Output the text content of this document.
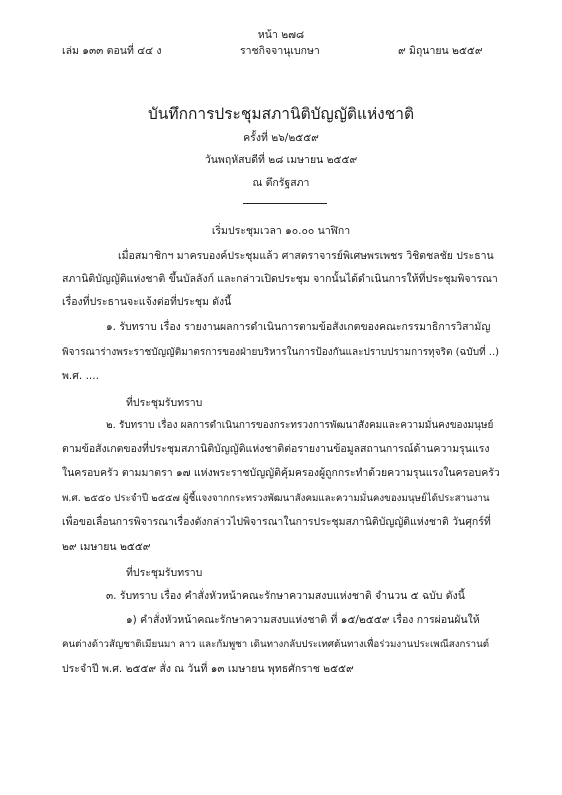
หน้า ๒๗๘
เล่ม ๑๓๓ ตอนที่ ๔๔ ง	ราชกิจจานุเบกษา	๙ มิถุนายน ๒๕๕๙
บันทึกการประชุมสภานิติบัญญัติแห่งชาติ
ครั้งที่ ๒๖/๒๕๕๙
วันพฤหัสบดีที่ ๒๘ เมษายน ๒๕๕๙
ณ ตึกรัฐสภา
เริ่มประชุมเวลา ๑๐.๐๐ นาฬิกา
เมื่อสมาชิกฯ มาครบองค์ประชุมแล้ว ศาสตราจารย์พิเศษพรเพชร วิชิตชลชัย ประธาน
สภานิติบัญญัติแห่งชาติ ขึ้นบัลลังก์ และกล่าวเปิดประชุม จากนั้นได้ดำเนินการให้ที่ประชุมพิจารณา
เรื่องที่ประธานจะแจ้งต่อที่ประชุม ดังนี้
๑. รับทราบ เรื่อง รายงานผลการดำเนินการตามข้อสังเกตของคณะกรรมาธิการวิสามัญ
พิจารณาร่างพระราชบัญญัติมาตรการของฝ่ายบริหารในการป้องกันและปราบปรามการทุจริต (ฉบับที่ ..)
พ.ศ. ....
ที่ประชุมรับทราบ
๒. รับทราบ เรื่อง ผลการดำเนินการของกระทรวงการพัฒนาสังคมและความมั่นคงของมนุษย์
ตามข้อสังเกตของที่ประชุมสภานิติบัญญัติแห่งชาติต่อรายงานข้อมูลสถานการณ์ด้านความรุนแรง
ในครอบครัว ตามมาตรา ๑๗ แห่งพระราชบัญญัติคุ้มครองผู้ถูกกระทำด้วยความรุนแรงในครอบครัว
พ.ศ. ๒๕๕๐ ประจำปี ๒๕๕๗ ผู้ชี้แจงจากกระทรวงพัฒนาสังคมและความมั่นคงของมนุษย์ได้ประสานงาน
เพื่อขอเลื่อนการพิจารณาเรื่องดังกล่าวไปพิจารณาในการประชุมสภานิติบัญญัติแห่งชาติ วันศุกร์ที่
๒๙ เมษายน ๒๕๕๙
ที่ประชุมรับทราบ
๓. รับทราบ เรื่อง คำสั่งหัวหน้าคณะรักษาความสงบแห่งชาติ จำนวน ๕ ฉบับ ดังนี้
๑) คำสั่งหัวหน้าคณะรักษาความสงบแห่งชาติ ที่ ๑๕/๒๕๕๙ เรื่อง การผ่อนผันให้
คนต่างด้าวสัญชาติเมียนมา ลาว และกัมพูชา เดินทางกลับประเทศต้นทางเพื่อร่วมงานประเพณีสงกรานต์
ประจำปี พ.ศ. ๒๕๕๙ สั่ง ณ วันที่ ๑๓ เมษายน พุทธศักราช ๒๕๕๙
